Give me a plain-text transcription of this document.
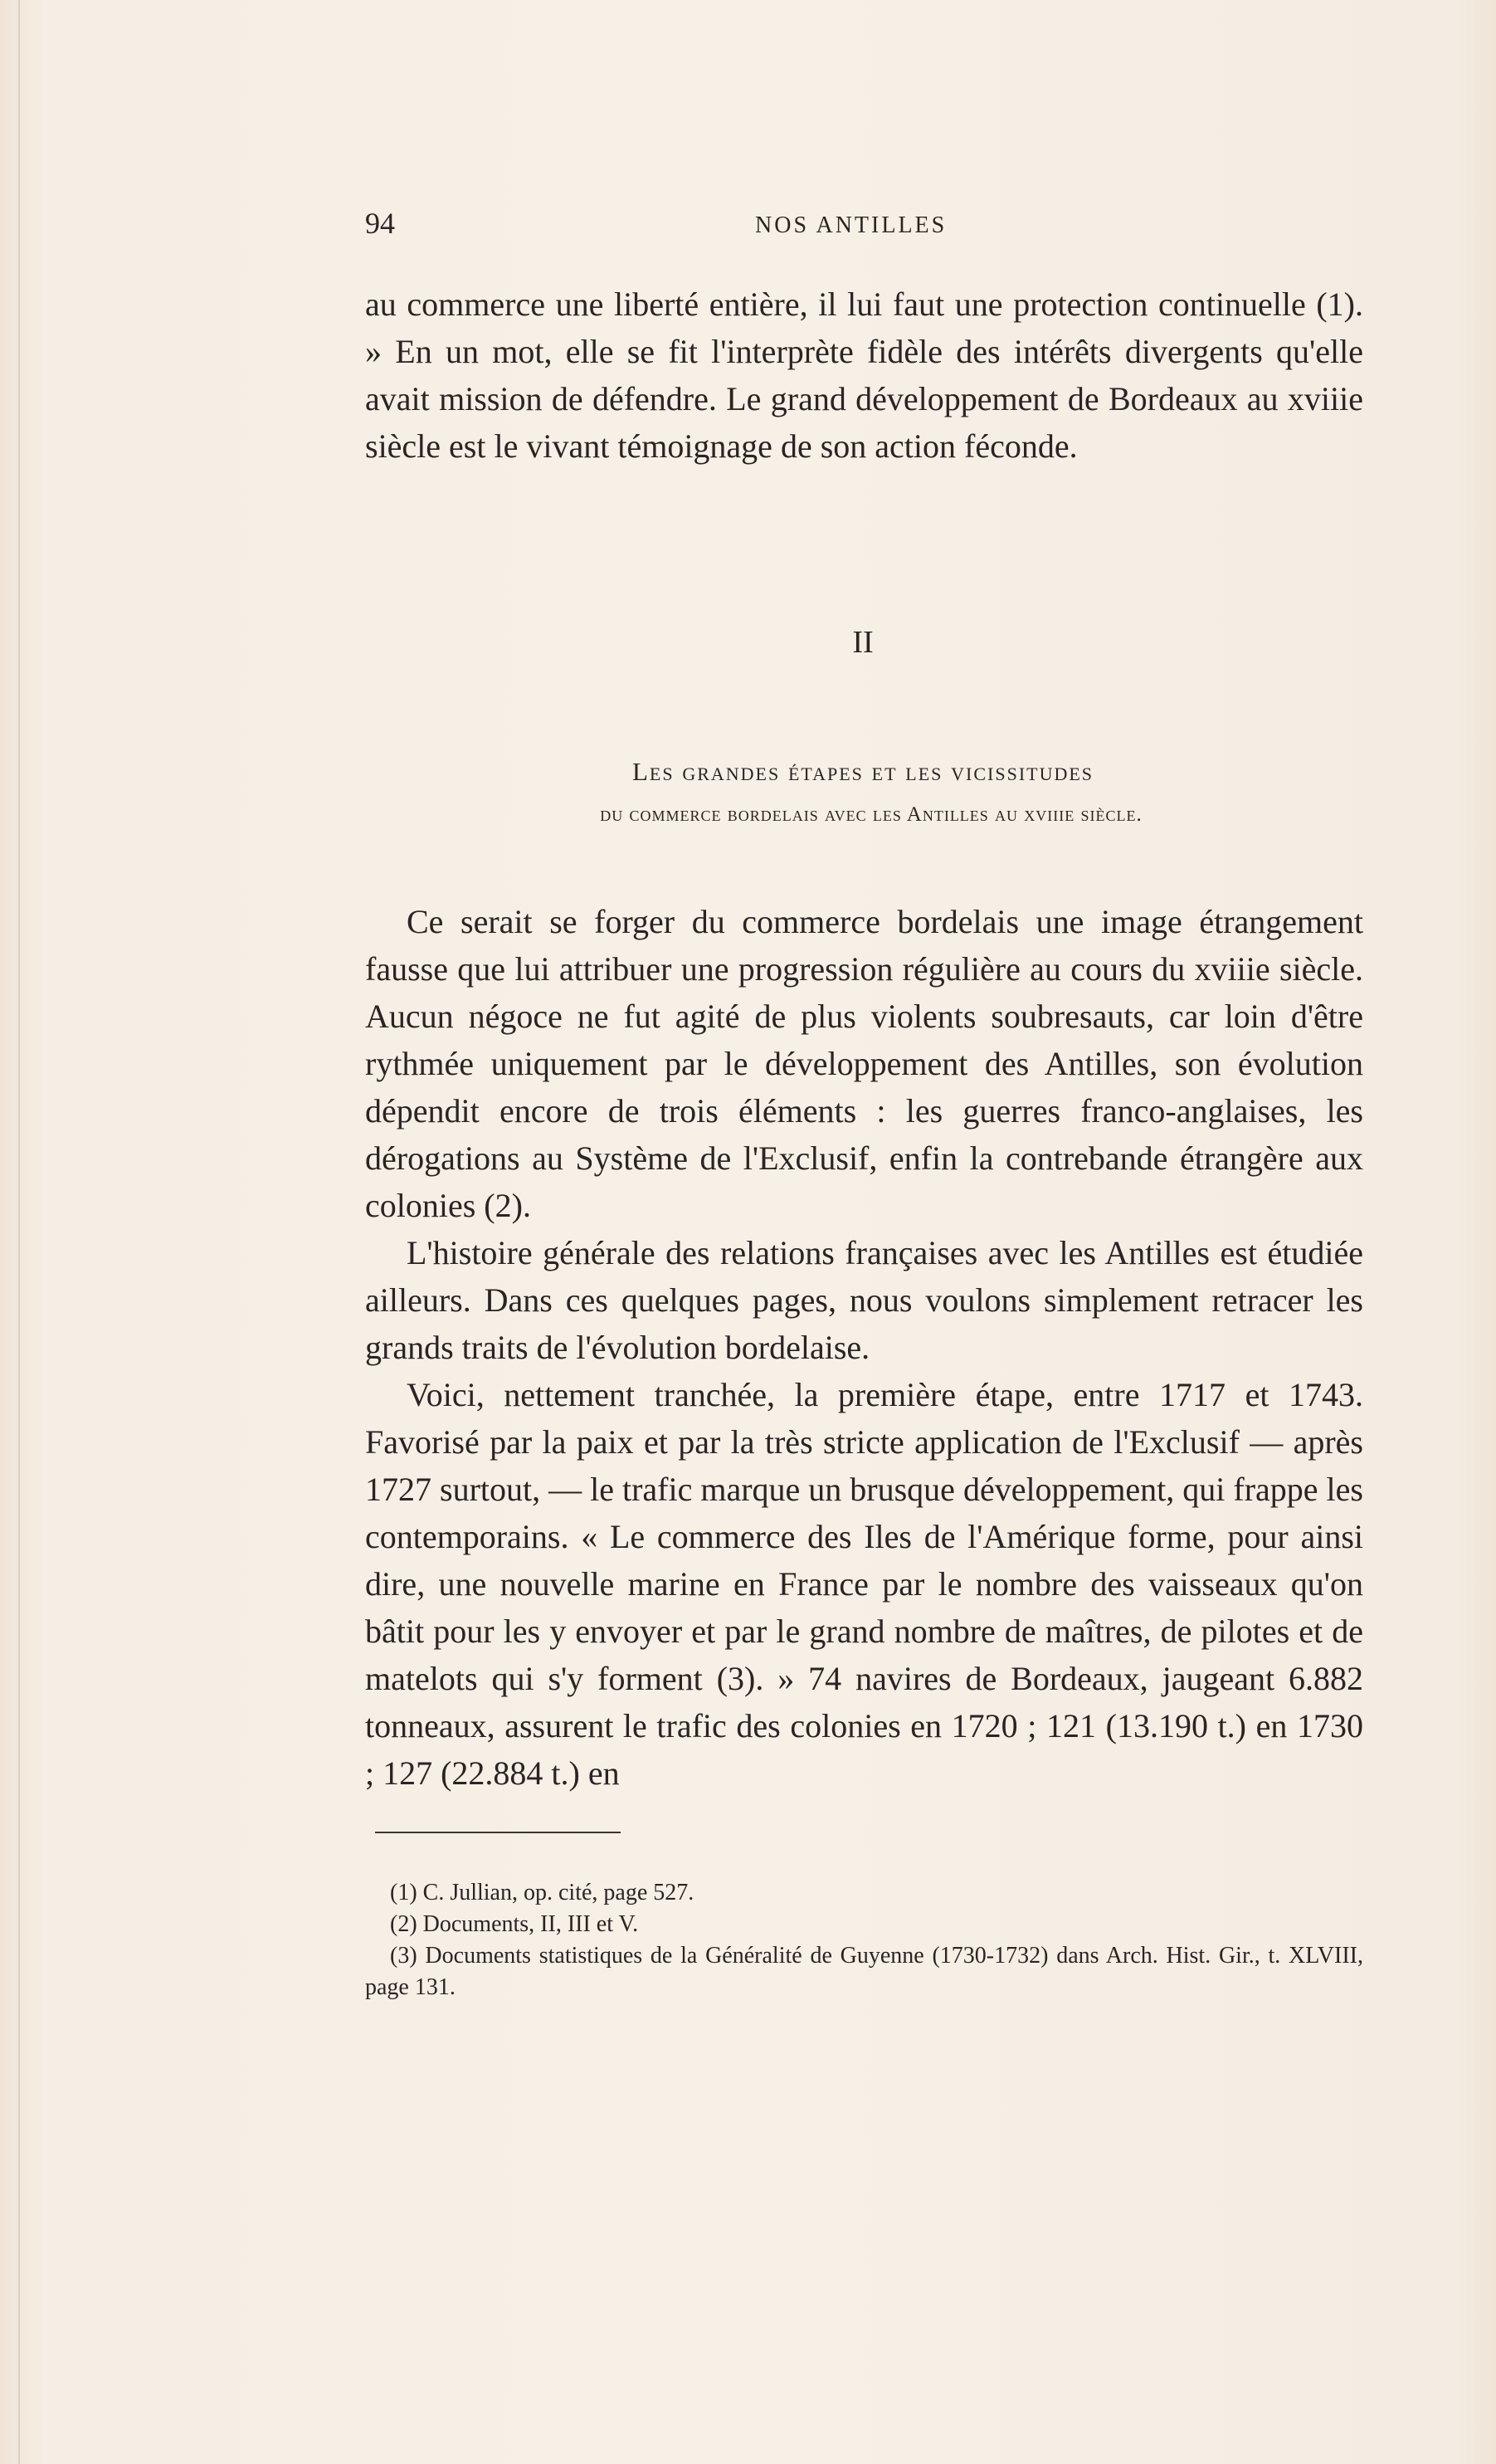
94	NOS ANTILLES

au commerce une liberté entière, il lui faut une protection continuelle (1). » En un mot, elle se fit l'interprète fidèle des intérêts divergents qu'elle avait mission de défendre. Le grand développement de Bordeaux au xviiie siècle est le vivant témoignage de son action féconde.

II
Les grandes étapes et les vicissitudes
du commerce bordelais avec les Antilles au xviiie siècle.

Ce serait se forger du commerce bordelais une image étrangement fausse que lui attribuer une progression régulière au cours du xviiie siècle. Aucun négoce ne fut agité de plus violents soubresauts, car loin d'être rythmée uniquement par le développement des Antilles, son évolution dépendit encore de trois éléments : les guerres franco-anglaises, les dérogations au Système de l'Exclusif, enfin la contrebande étrangère aux colonies (2).

L'histoire générale des relations françaises avec les Antilles est étudiée ailleurs. Dans ces quelques pages, nous voulons simplement retracer les grands traits de l'évolution bordelaise.

Voici, nettement tranchée, la première étape, entre 1717 et 1743. Favorisé par la paix et par la très stricte application de l'Exclusif — après 1727 surtout, — le trafic marque un brusque développement, qui frappe les contemporains. « Le commerce des Iles de l'Amérique forme, pour ainsi dire, une nouvelle marine en France par le nombre des vaisseaux qu'on bâtit pour les y envoyer et par le grand nombre de maîtres, de pilotes et de matelots qui s'y forment (3). » 74 navires de Bordeaux, jaugeant 6.882 tonneaux, assurent le trafic des colonies en 1720 ; 121 (13.190 t.) en 1730 ; 127 (22.884 t.) en

(1) C. Jullian, op. cité, page 527.

(2) Documents, II, III et V.

(3) Documents statistiques de la Généralité de Guyenne (1730-1732) dans Arch. Hist. Gir., t. XLVIII, page 131.
